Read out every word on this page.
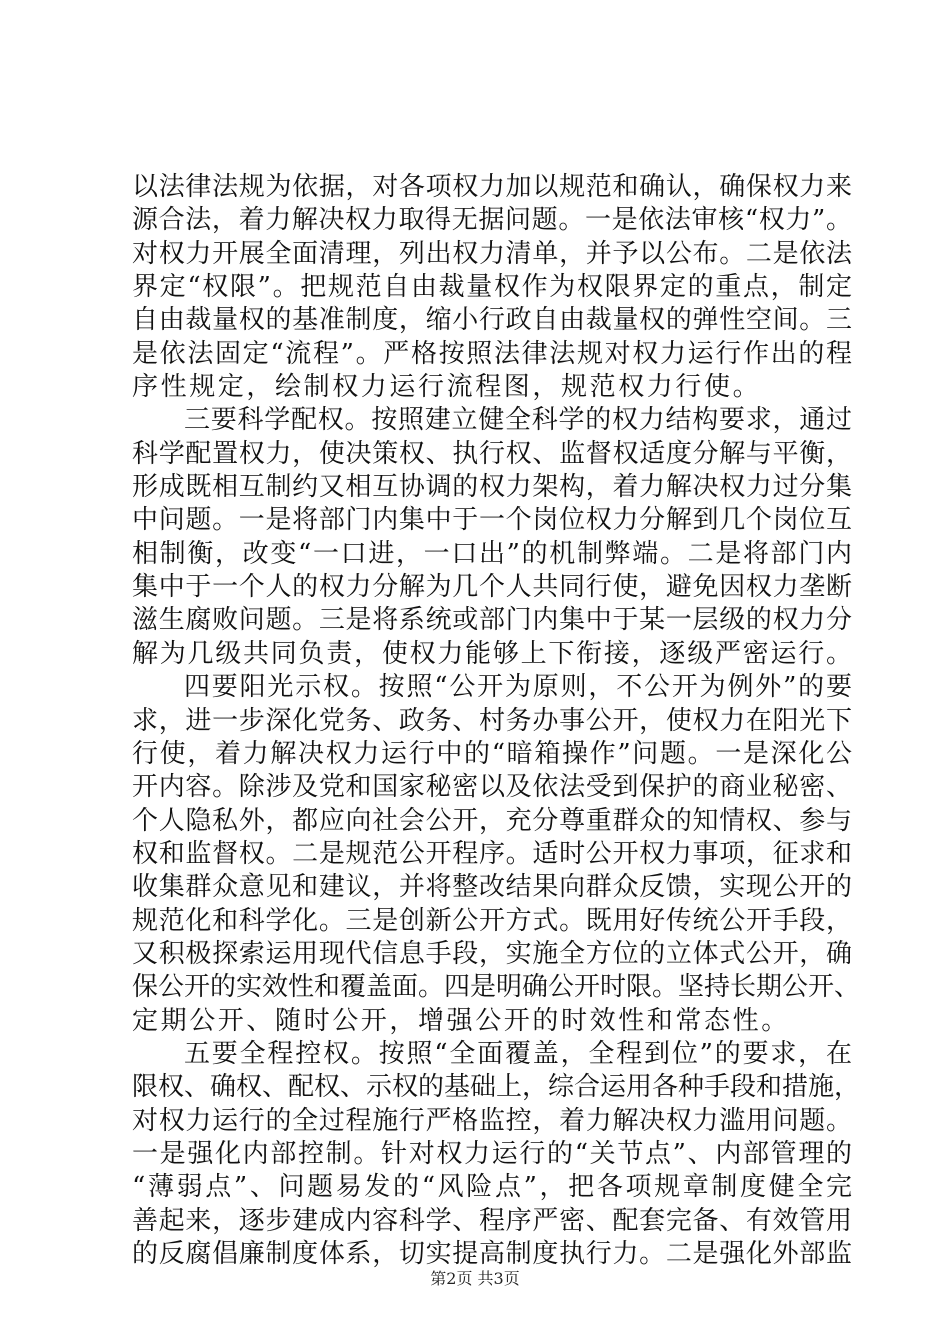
以法律法规为依据，对各项权力加以规范和确认，确保权力来
源合法，着力解决权力取得无据问题。一是依法审核“权力”。
对权力开展全面清理，列出权力清单，并予以公布。二是依法
界定“权限”。把规范自由裁量权作为权限界定的重点，制定
自由裁量权的基准制度，缩小行政自由裁量权的弹性空间。三
是依法固定“流程”。严格按照法律法规对权力运行作出的程
序性规定，绘制权力运行流程图，规范权力行使。
三要科学配权。按照建立健全科学的权力结构要求，通过
科学配置权力，使决策权、执行权、监督权适度分解与平衡，
形成既相互制约又相互协调的权力架构，着力解决权力过分集
中问题。一是将部门内集中于一个岗位权力分解到几个岗位互
相制衡，改变“一口进，一口出”的机制弊端。二是将部门内
集中于一个人的权力分解为几个人共同行使，避免因权力垄断
滋生腐败问题。三是将系统或部门内集中于某一层级的权力分
解为几级共同负责，使权力能够上下衔接，逐级严密运行。
四要阳光示权。按照“公开为原则，不公开为例外”的要
求，进一步深化党务、政务、村务办事公开，使权力在阳光下
行使，着力解决权力运行中的“暗箱操作”问题。一是深化公
开内容。除涉及党和国家秘密以及依法受到保护的商业秘密、
个人隐私外，都应向社会公开，充分尊重群众的知情权、参与
权和监督权。二是规范公开程序。适时公开权力事项，征求和
收集群众意见和建议，并将整改结果向群众反馈，实现公开的
规范化和科学化。三是创新公开方式。既用好传统公开手段，
又积极探索运用现代信息手段，实施全方位的立体式公开，确
保公开的实效性和覆盖面。四是明确公开时限。坚持长期公开、
定期公开、随时公开，增强公开的时效性和常态性。
五要全程控权。按照“全面覆盖，全程到位”的要求，在
限权、确权、配权、示权的基础上，综合运用各种手段和措施，
对权力运行的全过程施行严格监控，着力解决权力滥用问题。
一是强化内部控制。针对权力运行的“关节点”、内部管理的
“薄弱点”、问题易发的“风险点”，把各项规章制度健全完
善起来，逐步建成内容科学、程序严密、配套完备、有效管用
的反腐倡廉制度体系，切实提高制度执行力。二是强化外部监
第2页 共3页
